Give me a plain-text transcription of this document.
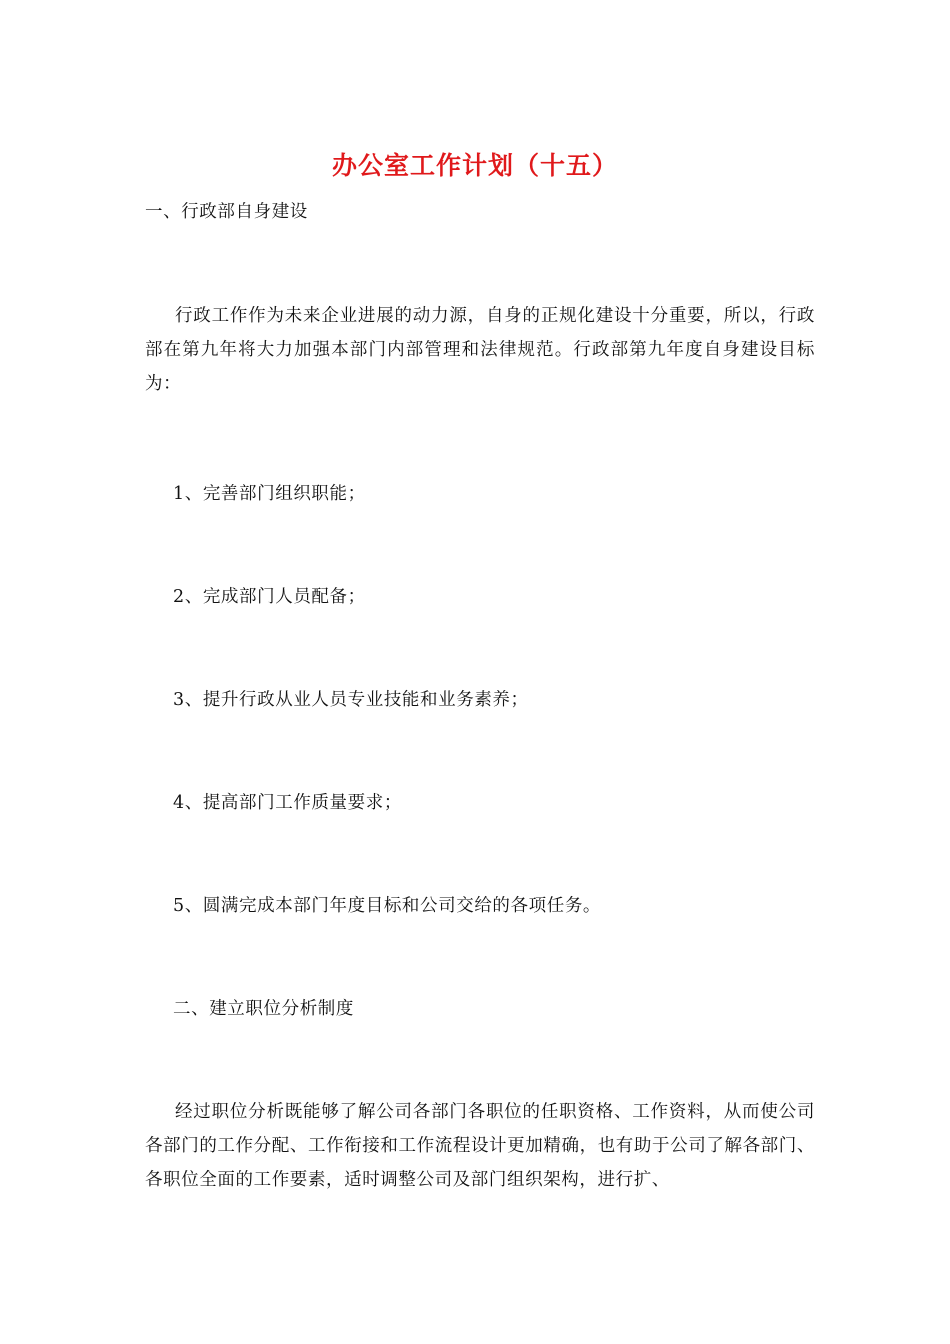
办公室工作计划（十五）
一、行政部自身建设
行政工作作为未来企业进展的动力源，自身的正规化建设十分重要，所以，行政部在第九年将大力加强本部门内部管理和法律规范。行政部第九年度自身建设目标为：
1、完善部门组织职能；
2、完成部门人员配备；
3、提升行政从业人员专业技能和业务素养；
4、提高部门工作质量要求；
5、圆满完成本部门年度目标和公司交给的各项任务。
二、建立职位分析制度
经过职位分析既能够了解公司各部门各职位的任职资格、工作资料，从而使公司各部门的工作分配、工作衔接和工作流程设计更加精确，也有助于公司了解各部门、各职位全面的工作要素，适时调整公司及部门组织架构，进行扩、
